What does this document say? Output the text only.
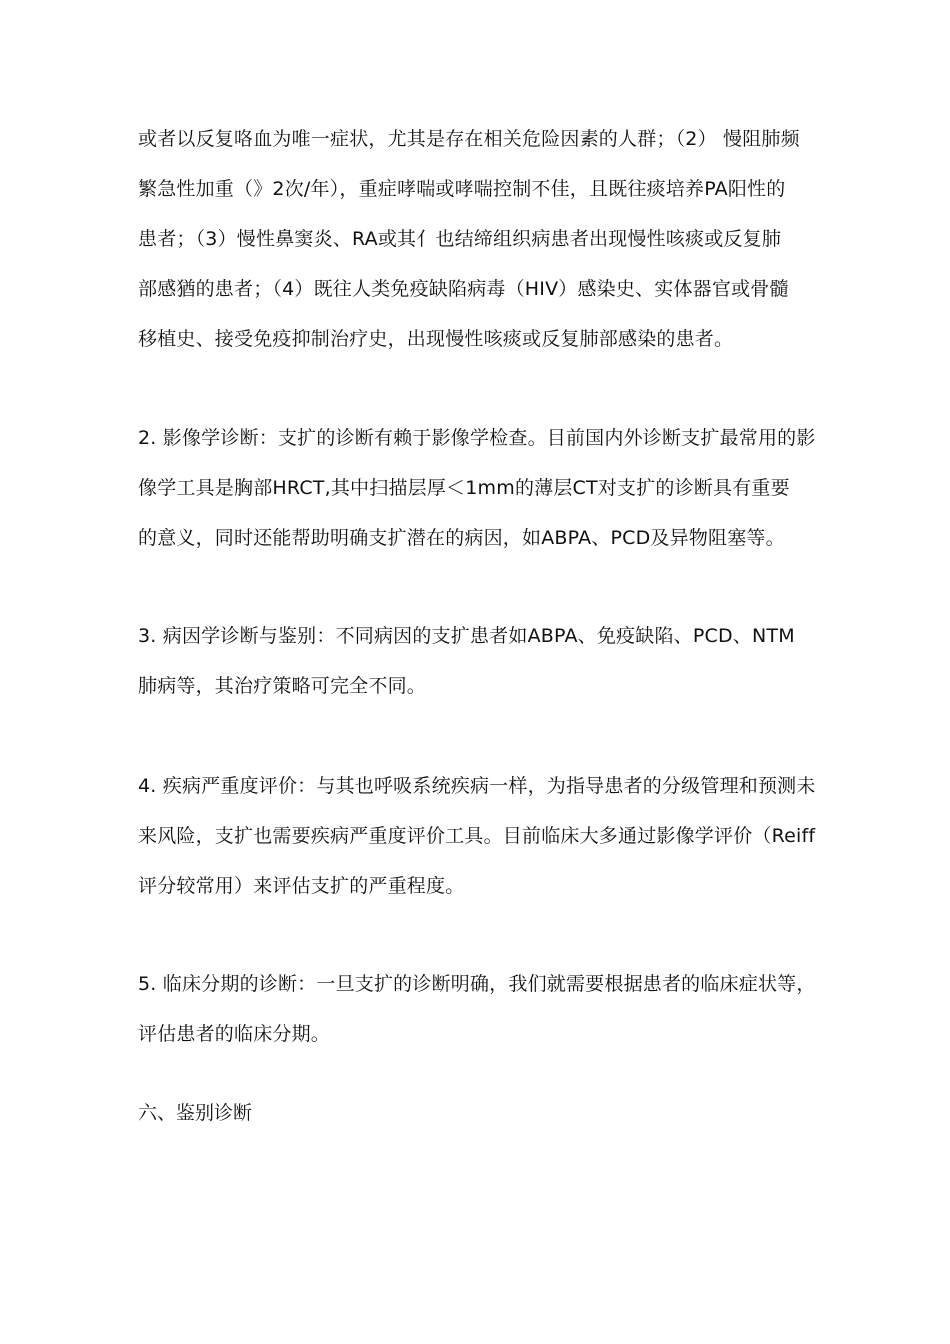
或者以反复咯血为唯一症状，尤其是存在相关危险因素的人群；（2） 慢阻肺频
繁急性加重（》2次/年），重症哮喘或哮喘控制不佳，且既往痰培养PA阳性的
患者；（3）慢性鼻窦炎、RA或其亻也结缔组织病患者出现慢性咳痰或反复肺
部感猶的患者；（4）既往人类免疫缺陷病毒（HIV）感染史、实体器官或骨髓
移植史、接受免疫抑制治疗史，出现慢性咳痰或反复肺部感染的患者。
2. 影像学诊断：支扩的诊断有赖于影像学检查。目前国内外诊断支扩最常用的影
像学工具是胸部HRCT,其中扫描层厚＜1mm的薄层CT对支扩的诊断具有重要
的意义，同时还能帮助明确支扩潜在的病因，如ABPA、PCD及异物阻塞等。
3. 病因学诊断与鉴别：不同病因的支扩患者如ABPA、免疫缺陷、PCD、NTM
肺病等，其治疗策略可完全不同。
4. 疾病严重度评价：与其也呼吸系统疾病一样，为指导患者的分级管理和预测未
来风险，支扩也需要疾病严重度评价工具。目前临床大多通过影像学评价（Reiff
评分较常用）来评估支扩的严重程度。
5. 临床分期的诊断：一旦支扩的诊断明确，我们就需要根据患者的临床症状等，
评估患者的临床分期。
六、鉴别诊断
